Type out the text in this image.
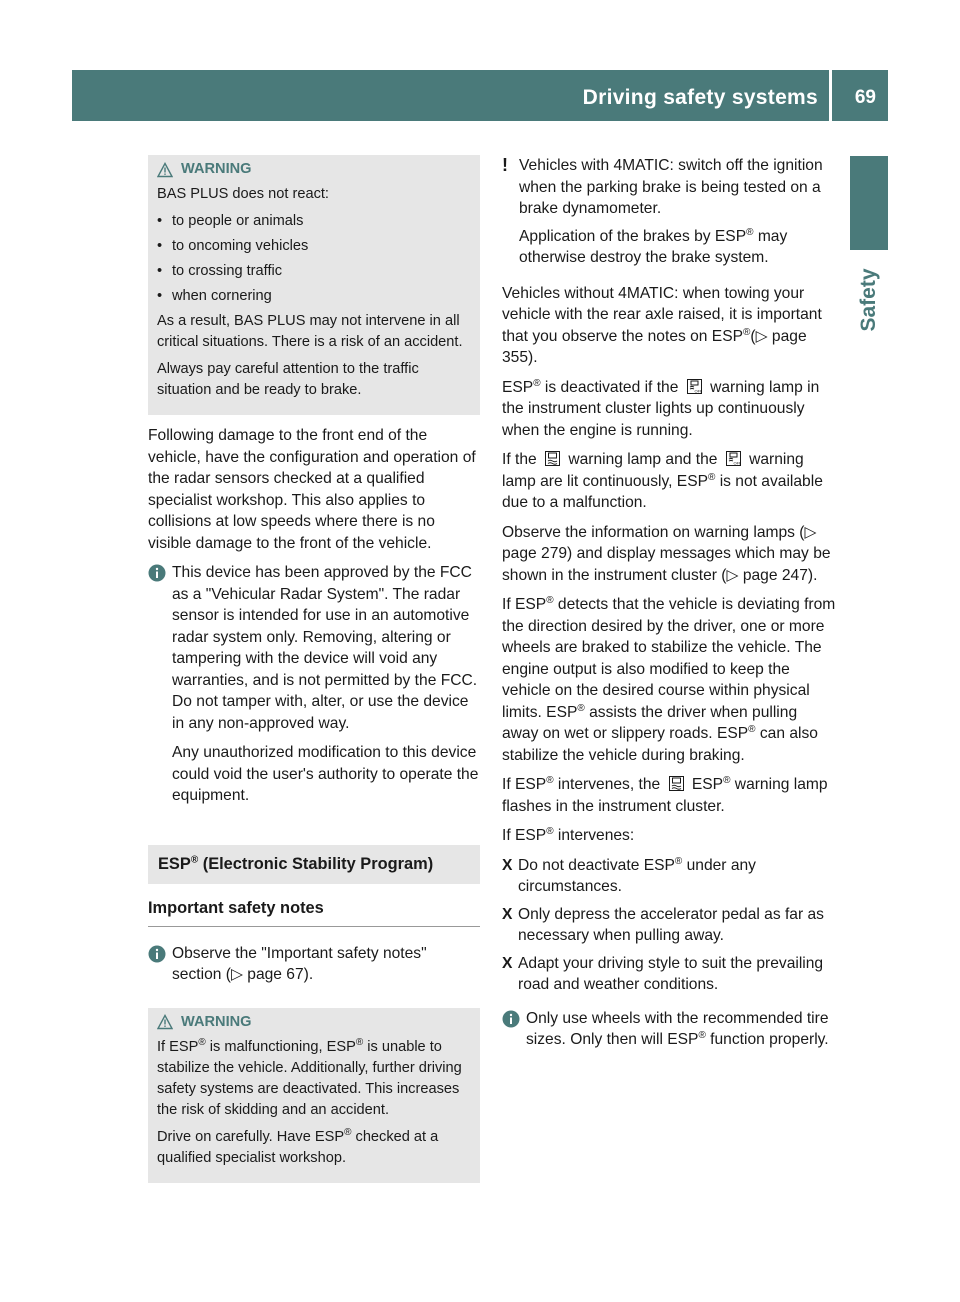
Driving safety systems 69
Safety
WARNING

BAS PLUS does not react:

• to people or animals
• to oncoming vehicles
• to crossing traffic
• when cornering

As a result, BAS PLUS may not intervene in all critical situations. There is a risk of an accident.

Always pay careful attention to the traffic situation and be ready to brake.

Following damage to the front end of the vehicle, have the configuration and operation of the radar sensors checked at a qualified specialist workshop. This also applies to collisions at low speeds where there is no visible damage to the front of the vehicle.

This device has been approved by the FCC as a "Vehicular Radar System". The radar sensor is intended for use in an automotive radar system only. Removing, altering or tampering with the device will void any warranties, and is not permitted by the FCC. Do not tamper with, alter, or use the device in any non-approved way.

Any unauthorized modification to this device could void the user's authority to operate the equipment.

ESP® (Electronic Stability Program)
Important safety notes

Observe the "Important safety notes" section (▷ page 67).

WARNING

If ESP® is malfunctioning, ESP® is unable to stabilize the vehicle. Additionally, further driving safety systems are deactivated. This increases the risk of skidding and an accident.

Drive on carefully. Have ESP® checked at a qualified specialist workshop.

! Vehicles with 4MATIC: switch off the ignition when the parking brake is being tested on a brake dynamometer.

Application of the brakes by ESP® may otherwise destroy the brake system.

Vehicles without 4MATIC: when towing your vehicle with the rear axle raised, it is important that you observe the notes on ESP®(▷ page 355).

ESP® is deactivated if the	OFF warning lamp in the instrument cluster lights up continuously when the engine is running.

If the  warning lamp and the	OFF warning lamp are lit continuously, ESP® is not available due to a malfunction.

Observe the information on warning lamps (▷ page 279) and display messages which may be shown in the instrument cluster (▷ page 247).

If ESP® detects that the vehicle is deviating from the direction desired by the driver, one or more wheels are braked to stabilize the vehicle. The engine output is also modified to keep the vehicle on the desired course within physical limits. ESP® assists the driver when pulling away on wet or slippery roads. ESP® can also stabilize the vehicle during braking.

If ESP® intervenes, the  ESP® warning lamp flashes in the instrument cluster.

If ESP® intervenes:

X Do not deactivate ESP® under any circumstances.
X Only depress the accelerator pedal as far as necessary when pulling away.
X Adapt your driving style to suit the prevailing road and weather conditions.

Only use wheels with the recommended tire sizes. Only then will ESP® function properly.
